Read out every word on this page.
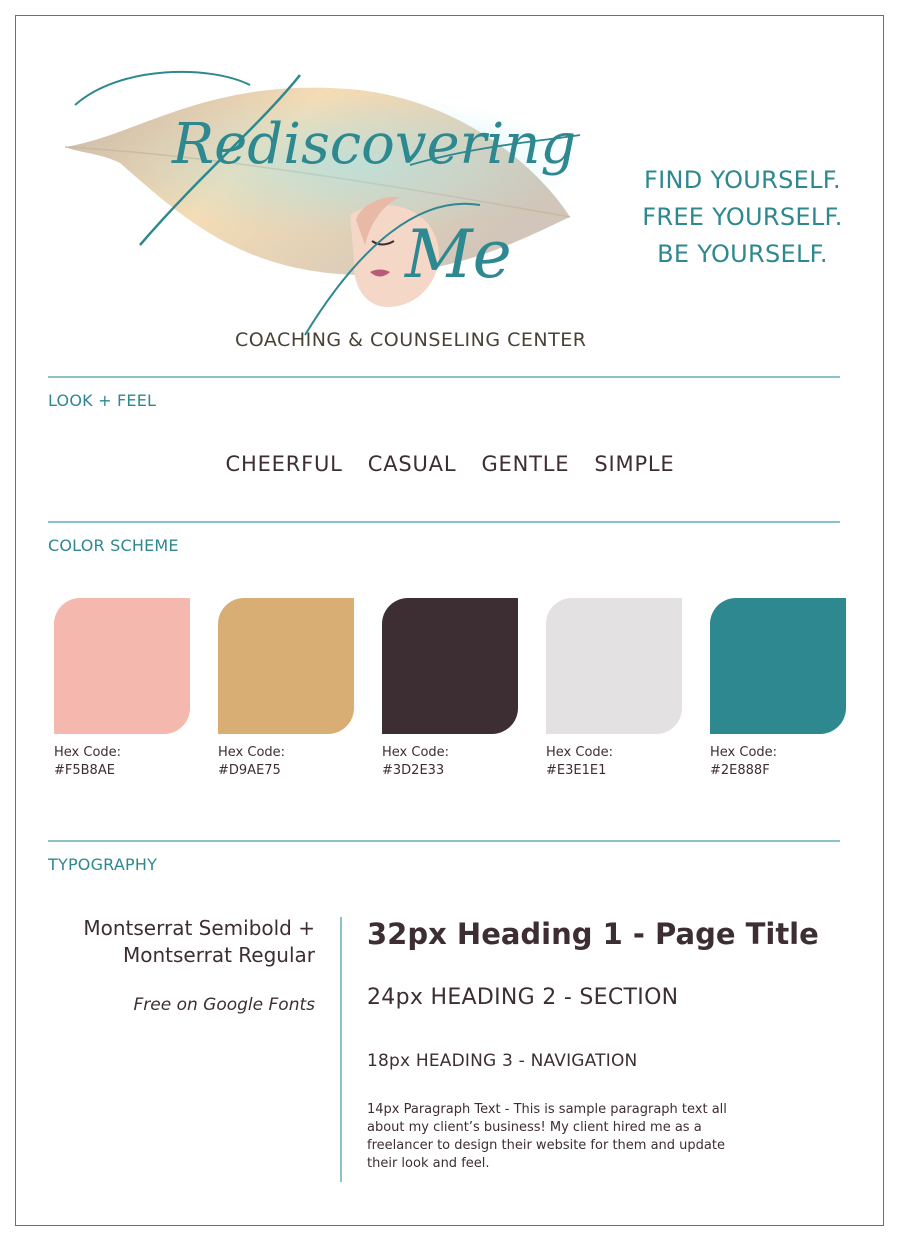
Rediscovering
Me
COACHING & COUNSELING CENTER
FIND YOURSELF.
FREE YOURSELF.
BE YOURSELF.
LOOK + FEEL
CHEERFUL CASUAL GENTLE SIMPLE
COLOR SCHEME
Hex Code:
#F5B8AE
Hex Code:
#D9AE75
Hex Code:
#3D2E33
Hex Code:
#E3E1E1
Hex Code:
#2E888F
TYPOGRAPHY
Montserrat Semibold +
Montserrat Regular
Free on Google Fonts
32px Heading 1 - Page Title
24px HEADING 2 - SECTION
18px HEADING 3 - NAVIGATION
14px Paragraph Text - This is sample paragraph text all about my client’s business! My client hired me as a freelancer to design their website for them and update their look and feel.
